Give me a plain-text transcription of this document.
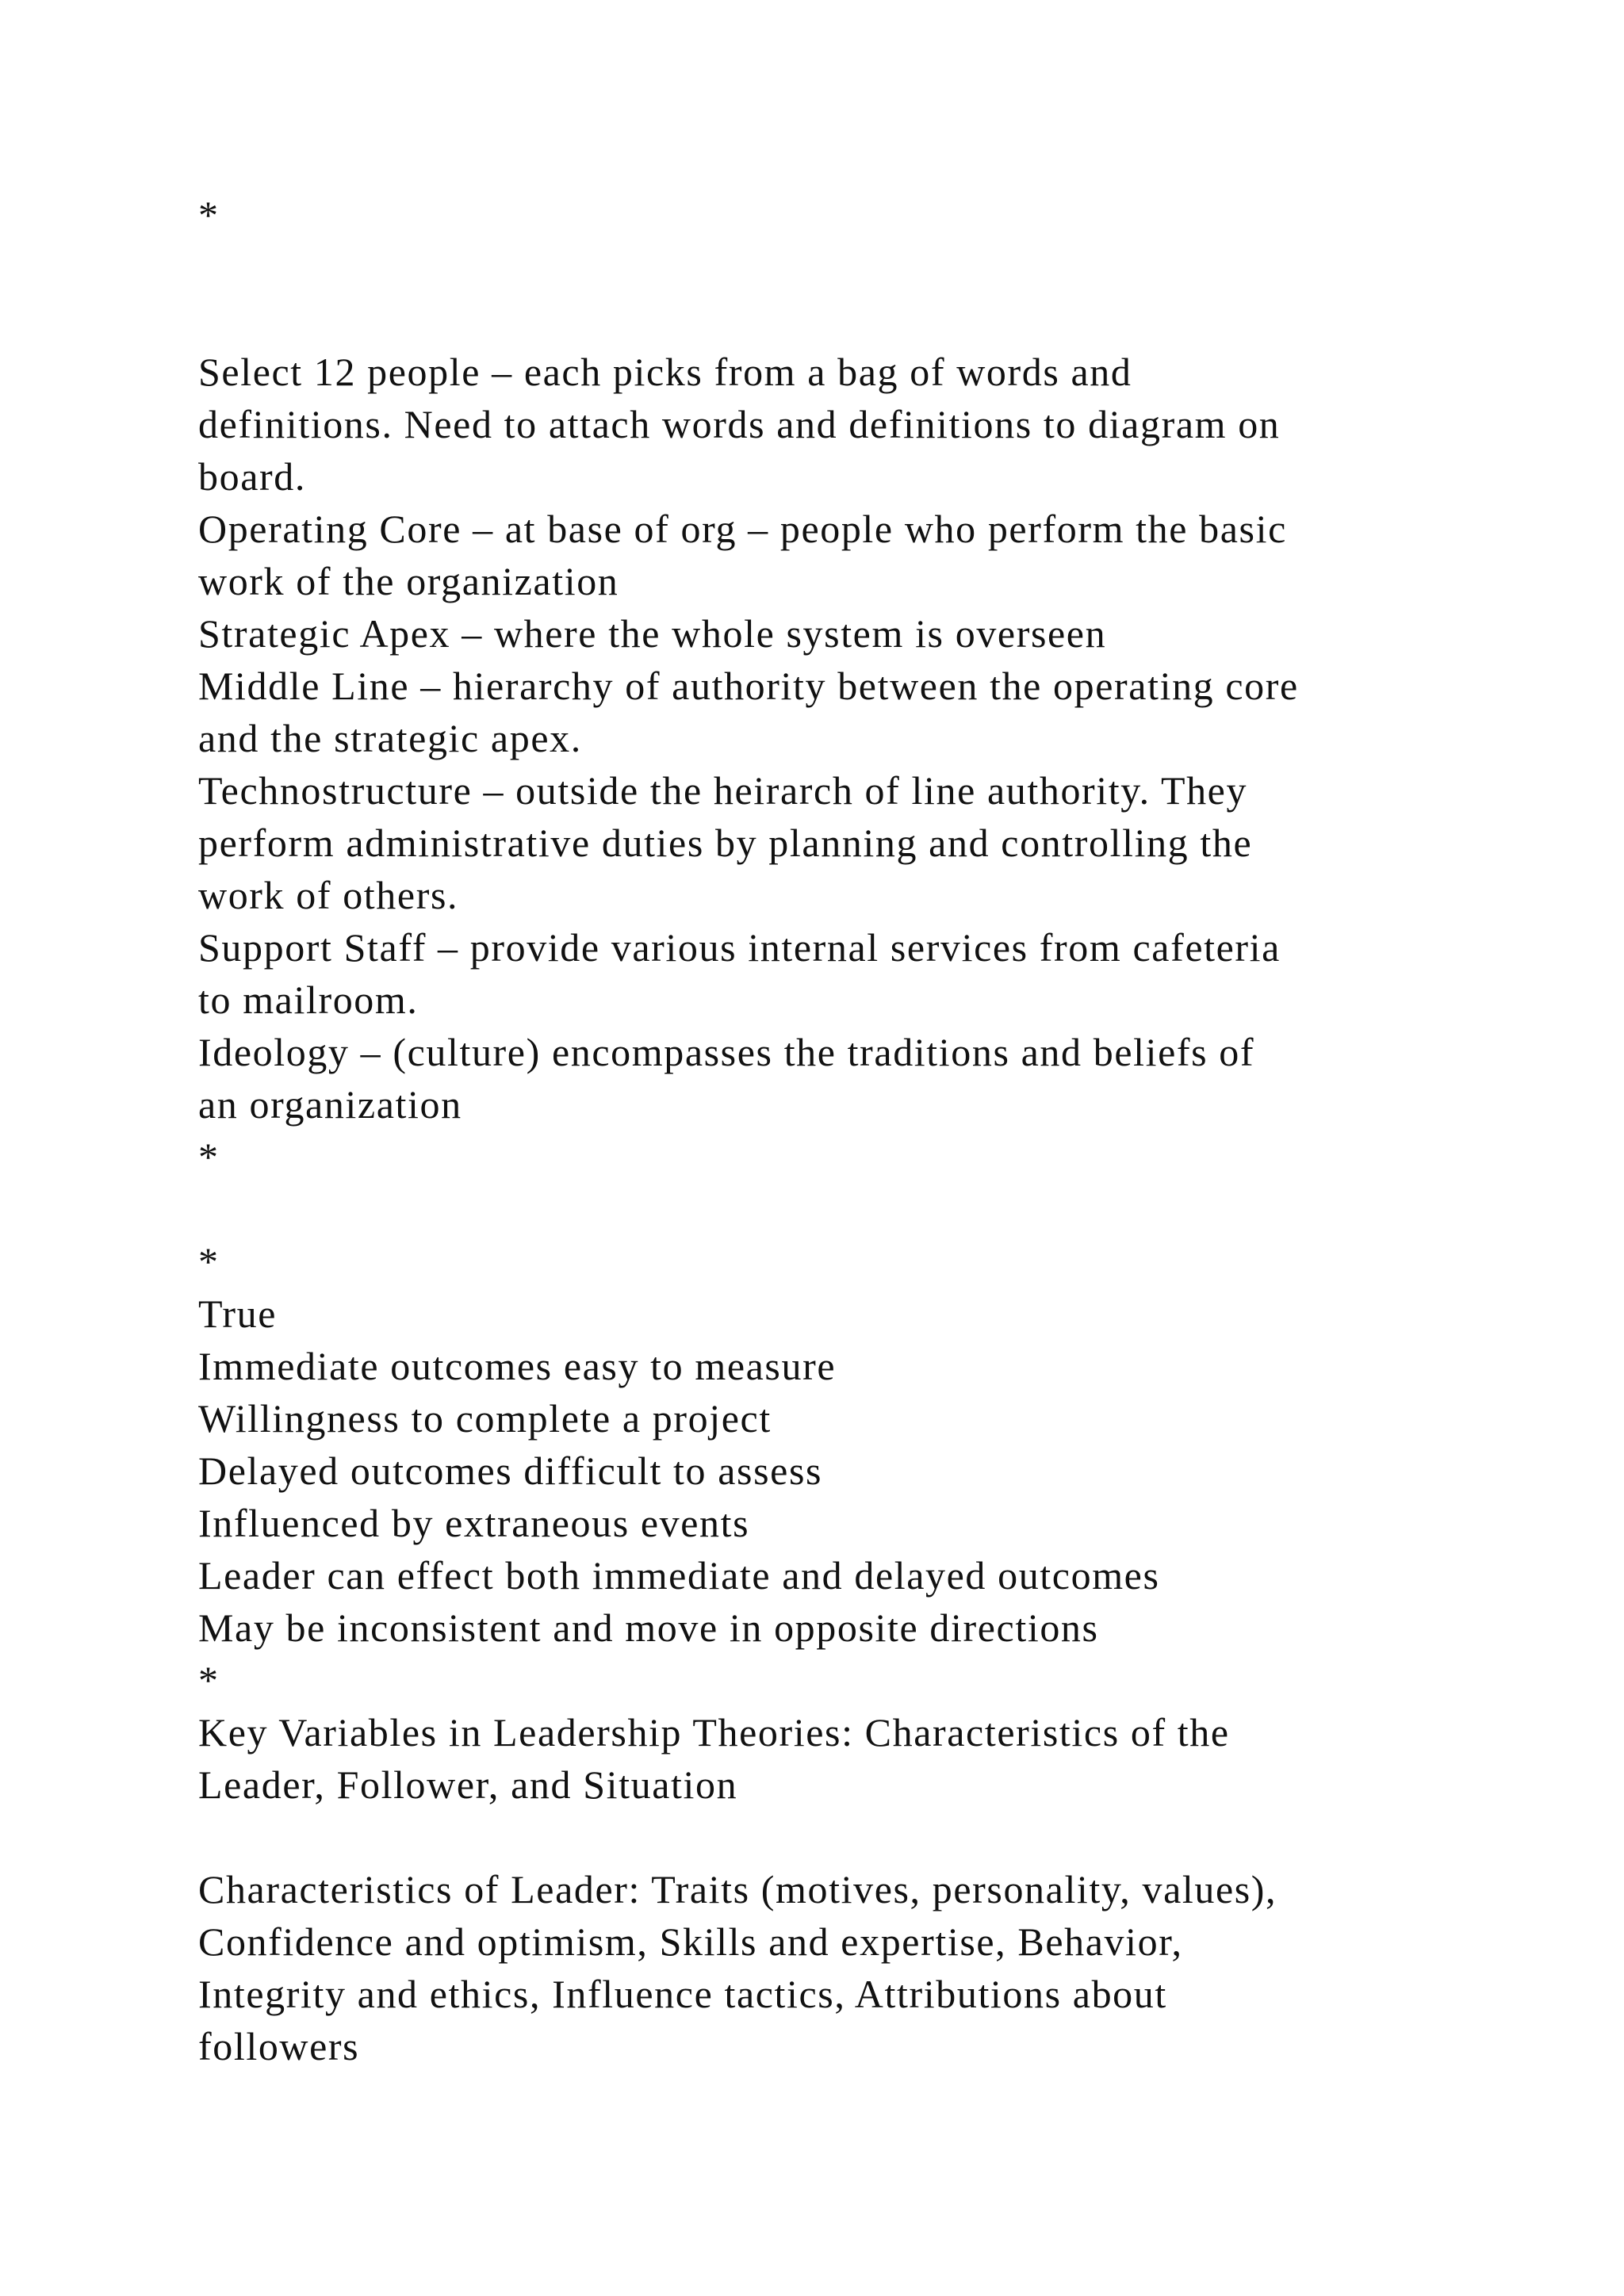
*
Select 12 people – each picks from a bag of words and
definitions. Need to attach words and definitions to diagram on
board.
Operating Core – at base of org – people who perform the basic
work of the organization
Strategic Apex – where the whole system is overseen
Middle Line – hierarchy of authority between the operating core
and the strategic apex.
Technostructure – outside the heirarch of line authority. They
perform administrative duties by planning and controlling the
work of others.
Support Staff – provide various internal services from cafeteria
to mailroom.
Ideology – (culture) encompasses the traditions and beliefs of
an organization
*
*
True
Immediate outcomes easy to measure
Willingness to complete a project
Delayed outcomes difficult to assess
Influenced by extraneous events
Leader can effect both immediate and delayed outcomes
May be inconsistent and move in opposite directions
*
Key Variables in Leadership Theories: Characteristics of the
Leader, Follower, and Situation
Characteristics of Leader: Traits (motives, personality, values),
Confidence and optimism, Skills and expertise, Behavior,
Integrity and ethics, Influence tactics, Attributions about
followers
